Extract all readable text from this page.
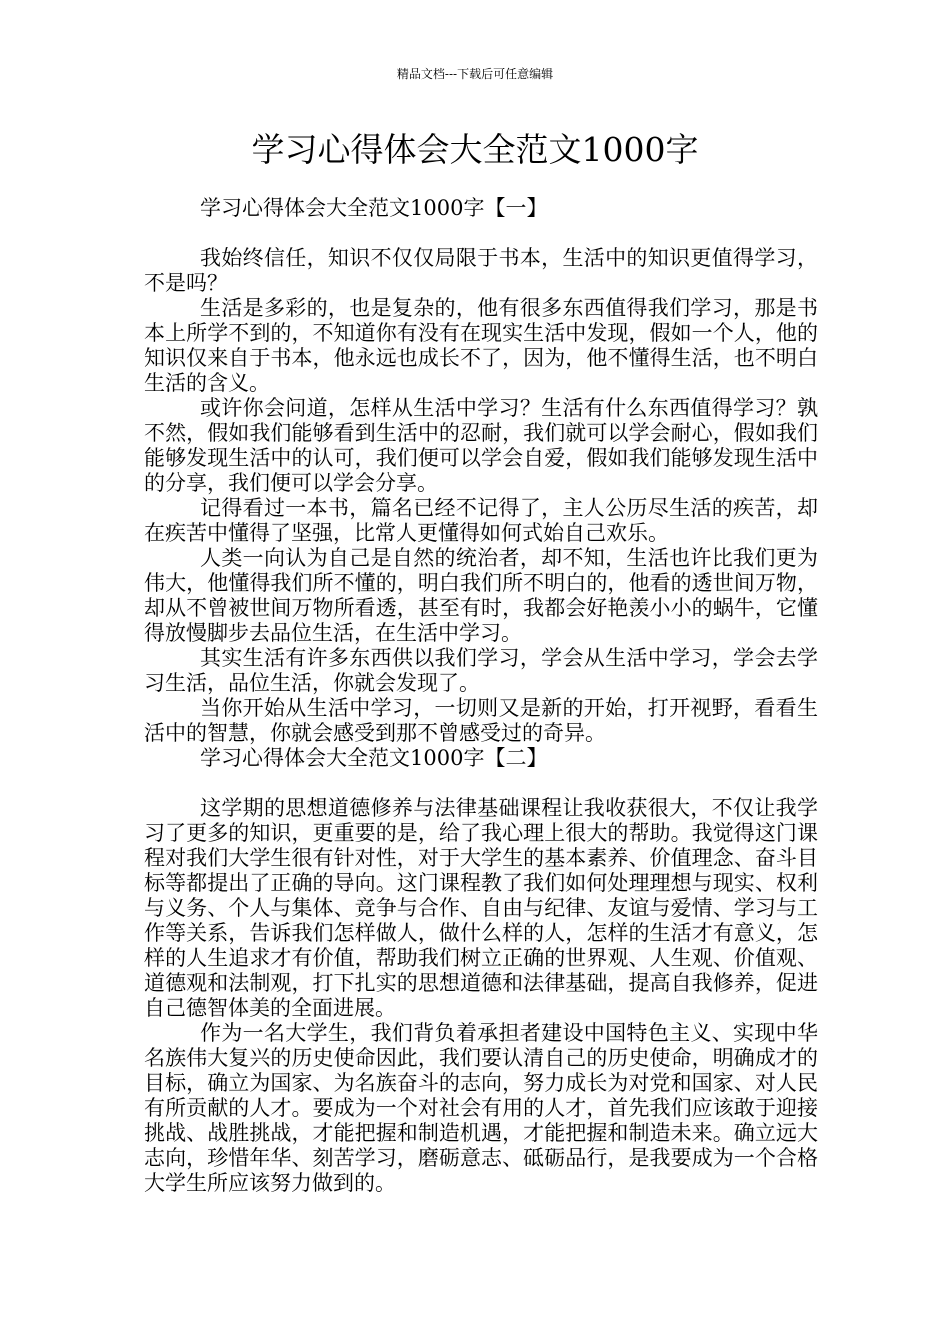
精品文档---下载后可任意编辑
学习心得体会大全范文1000字
学习心得体会大全范文1000字【一】

我始终信任，知识不仅仅局限于书本，生活中的知识更值得学习，不是吗？

生活是多彩的，也是复杂的，他有很多东西值得我们学习，那是书本上所学不到的，不知道你有没有在现实生活中发现，假如一个人，他的知识仅来自于书本，他永远也成长不了，因为，他不懂得生活，也不明白生活的含义。

或许你会问道，怎样从生活中学习？生活有什么东西值得学习？孰不然，假如我们能够看到生活中的忍耐，我们就可以学会耐心，假如我们能够发现生活中的认可，我们便可以学会自爱，假如我们能够发现生活中的分享，我们便可以学会分享。

记得看过一本书，篇名已经不记得了，主人公历尽生活的疾苦，却在疾苦中懂得了坚强，比常人更懂得如何式始自己欢乐。

人类一向认为自己是自然的统治者，却不知，生活也许比我们更为伟大，他懂得我们所不懂的，明白我们所不明白的，他看的透世间万物，却从不曾被世间万物所看透，甚至有时，我都会好艳羡小小的蜗牛，它懂得放慢脚步去品位生活，在生活中学习。

其实生活有许多东西供以我们学习，学会从生活中学习，学会去学习生活，品位生活，你就会发现了。

当你开始从生活中学习，一切则又是新的开始，打开视野，看看生活中的智慧，你就会感受到那不曾感受过的奇异。

学习心得体会大全范文1000字【二】

这学期的思想道德修养与法律基础课程让我收获很大，不仅让我学习了更多的知识，更重要的是，给了我心理上很大的帮助。我觉得这门课程对我们大学生很有针对性，对于大学生的基本素养、价值理念、奋斗目标等都提出了正确的导向。这门课程教了我们如何处理理想与现实、权利与义务、个人与集体、竞争与合作、自由与纪律、友谊与爱情、学习与工作等关系，告诉我们怎样做人，做什么样的人，怎样的生活才有意义，怎样的人生追求才有价值，帮助我们树立正确的世界观、人生观、价值观、道德观和法制观，打下扎实的思想道德和法律基础，提高自我修养，促进自己德智体美的全面进展。

作为一名大学生，我们背负着承担者建设中国特色主义、实现中华名族伟大复兴的历史使命因此，我们要认清自己的历史使命，明确成才的目标，确立为国家、为名族奋斗的志向，努力成长为对党和国家、对人民有所贡献的人才。要成为一个对社会有用的人才，首先我们应该敢于迎接挑战、战胜挑战，才能把握和制造机遇，才能把握和制造未来。确立远大志向，珍惜年华、刻苦学习，磨砺意志、砥砺品行，是我要成为一个合格大学生所应该努力做到的。
